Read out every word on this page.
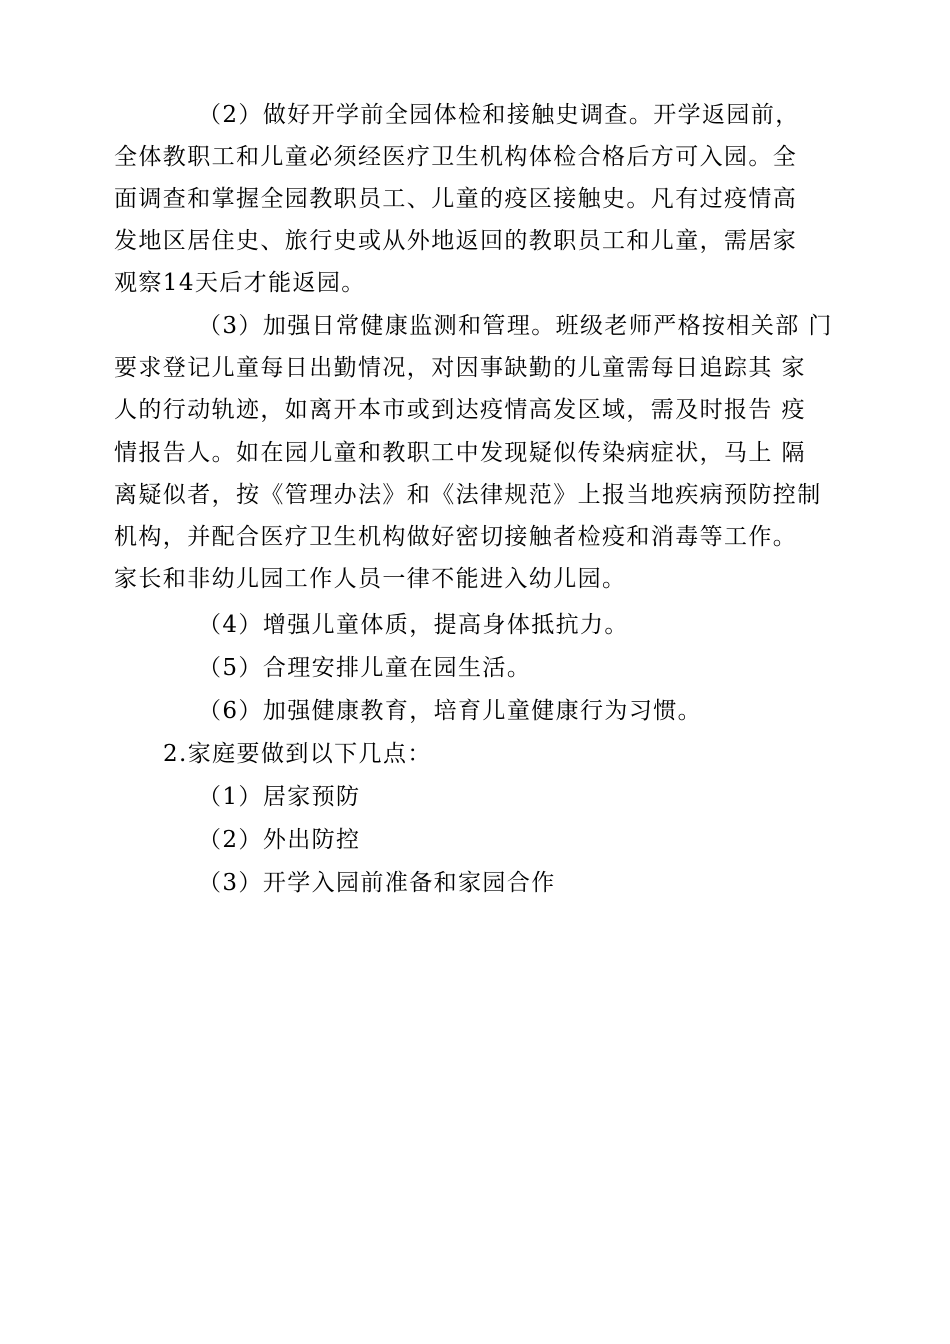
（2）做好开学前全园体检和接触史调查。开学返园前，
全体教职工和儿童必须经医疗卫生机构体检合格后方可入园。全
面调查和掌握全园教职员工、儿童的疫区接触史。凡有过疫情高
发地区居住史、旅行史或从外地返回的教职员工和儿童，需居家
观察14天后才能返园。
（3）加强日常健康监测和管理。班级老师严格按相关部 门
要求登记儿童每日出勤情况，对因事缺勤的儿童需每日追踪其 家
人的行动轨迹，如离开本市或到达疫情高发区域，需及时报告 疫
情报告人。如在园儿童和教职工中发现疑似传染病症状，马上 隔
离疑似者，按《管理办法》和《法律规范》上报当地疾病预防控制
机构，并配合医疗卫生机构做好密切接触者检疫和消毒等工作。
家长和非幼儿园工作人员一律不能进入幼儿园。
（4）增强儿童体质，提高身体抵抗力。
（5）合理安排儿童在园生活。
（6）加强健康教育，培育儿童健康行为习惯。
2.家庭要做到以下几点：
（1）居家预防
（2）外出防控
（3）开学入园前准备和家园合作
